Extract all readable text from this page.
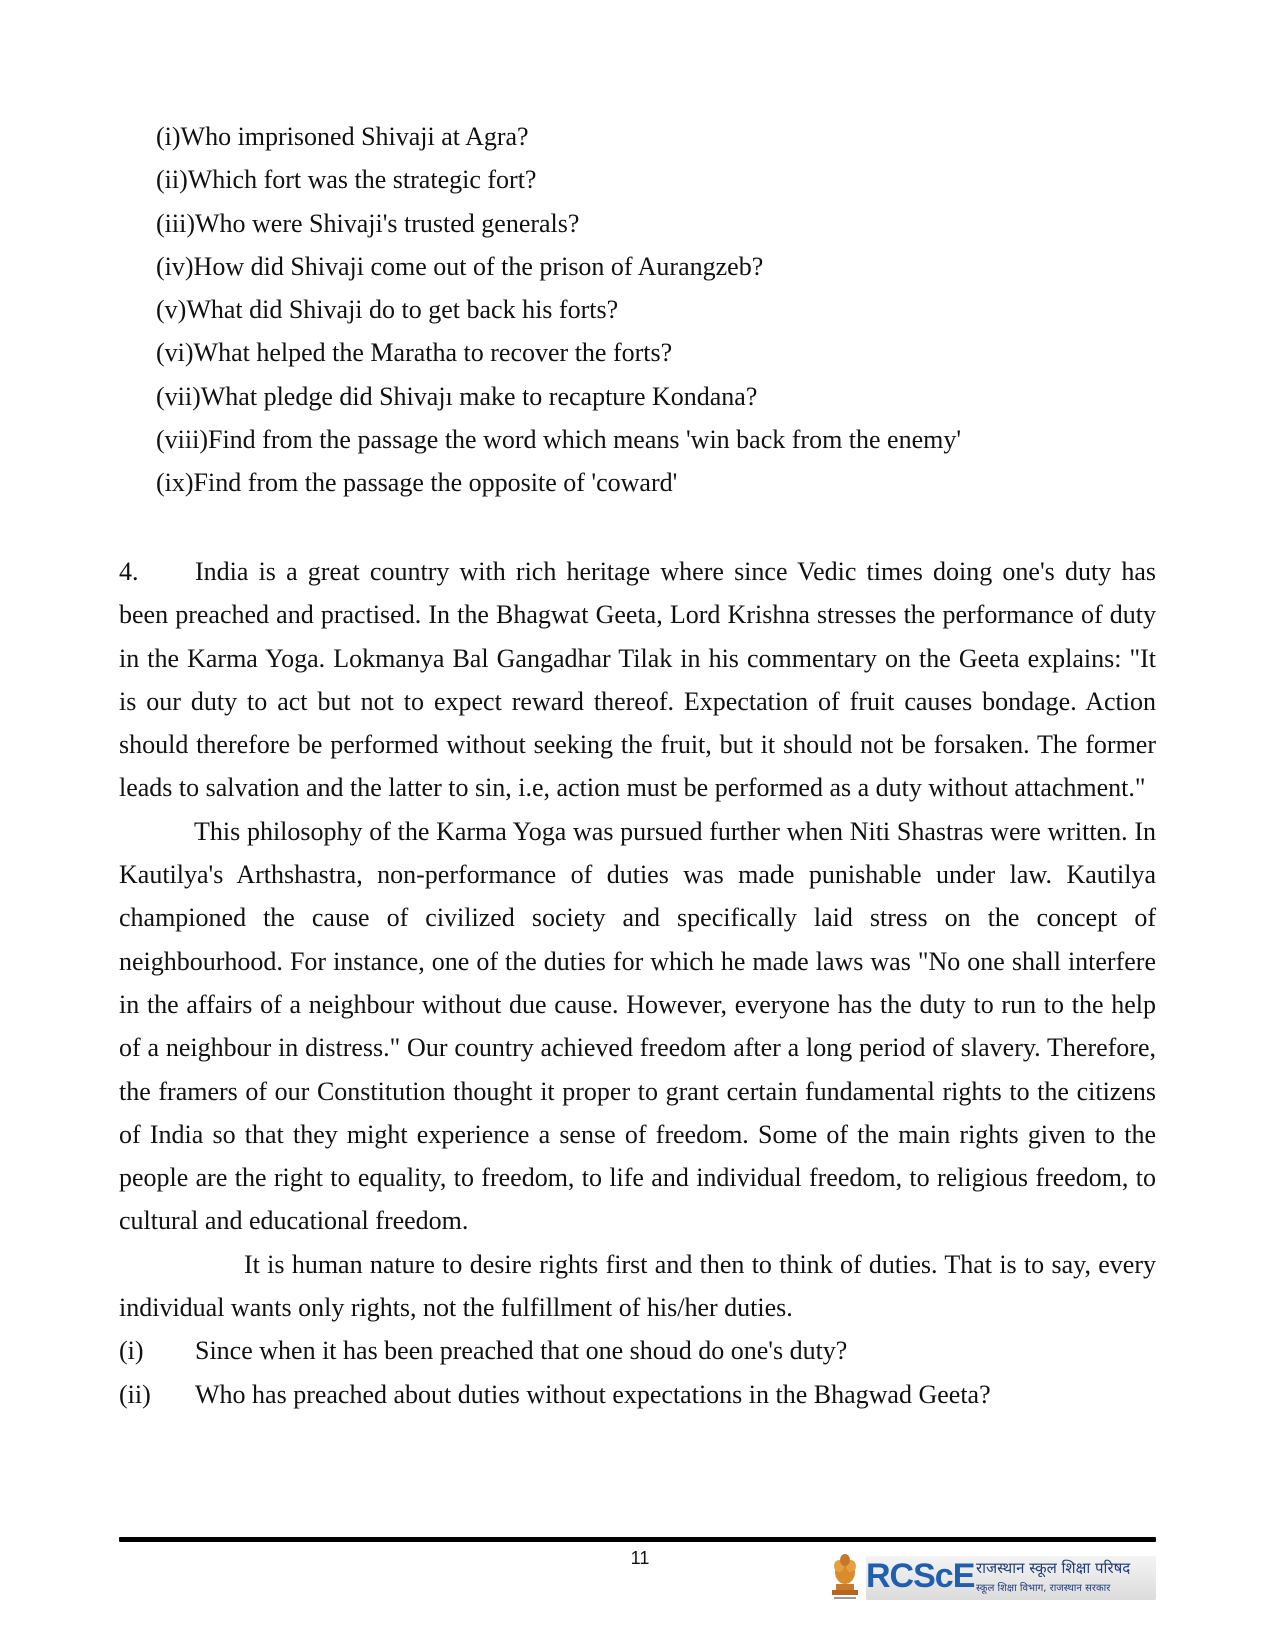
(i)Who imprisoned Shivaji at Agra?
(ii)Which fort was the strategic fort?
(iii)Who were Shivaji's trusted generals?
(iv)How did Shivaji come out of the prison of Aurangzeb?
(v)What did Shivaji do to get back his forts?
(vi)What helped the Maratha to recover the forts?
(vii)What pledge did Shivajı make to recapture Kondana?
(viii)Find from the passage the word which means 'win back from the enemy'
(ix)Find from the passage the opposite of 'coward'

4. India is a great country with rich heritage where since Vedic times doing one's duty has been preached and practised. In the Bhagwat Geeta, Lord Krishna stresses the performance of duty in the Karma Yoga. Lokmanya Bal Gangadhar Tilak in his commentary on the Geeta explains: "It is our duty to act but not to expect reward thereof. Expectation of fruit causes bondage. Action should therefore be performed without seeking the fruit, but it should not be forsaken. The former leads to salvation and the latter to sin, i.e, action must be performed as a duty without attachment."

This philosophy of the Karma Yoga was pursued further when Niti Shastras were written. In Kautilya's Arthshastra, non-performance of duties was made punishable under law. Kautilya championed the cause of civilized society and specifically laid stress on the concept of neighbourhood. For instance, one of the duties for which he made laws was "No one shall interfere in the affairs of a neighbour without due cause. However, everyone has the duty to run to the help of a neighbour in distress." Our country achieved freedom after a long period of slavery. Therefore, the framers of our Constitution thought it proper to grant certain fundamental rights to the citizens of India so that they might experience a sense of freedom. Some of the main rights given to the people are the right to equality, to freedom, to life and individual freedom, to religious freedom, to cultural and educational freedom.

It is human nature to desire rights first and then to think of duties. That is to say, every individual wants only rights, not the fulfillment of his/her duties.

(i)	Since when it has been preached that one shoud do one's duty?
(ii)	Who has preached about duties without expectations in the Bhagwad Geeta?
11	RCScE राजस्थान स्कूल शिक्षा परिषद
स्कूल शिक्षा विभाग, राजस्थान सरकार
